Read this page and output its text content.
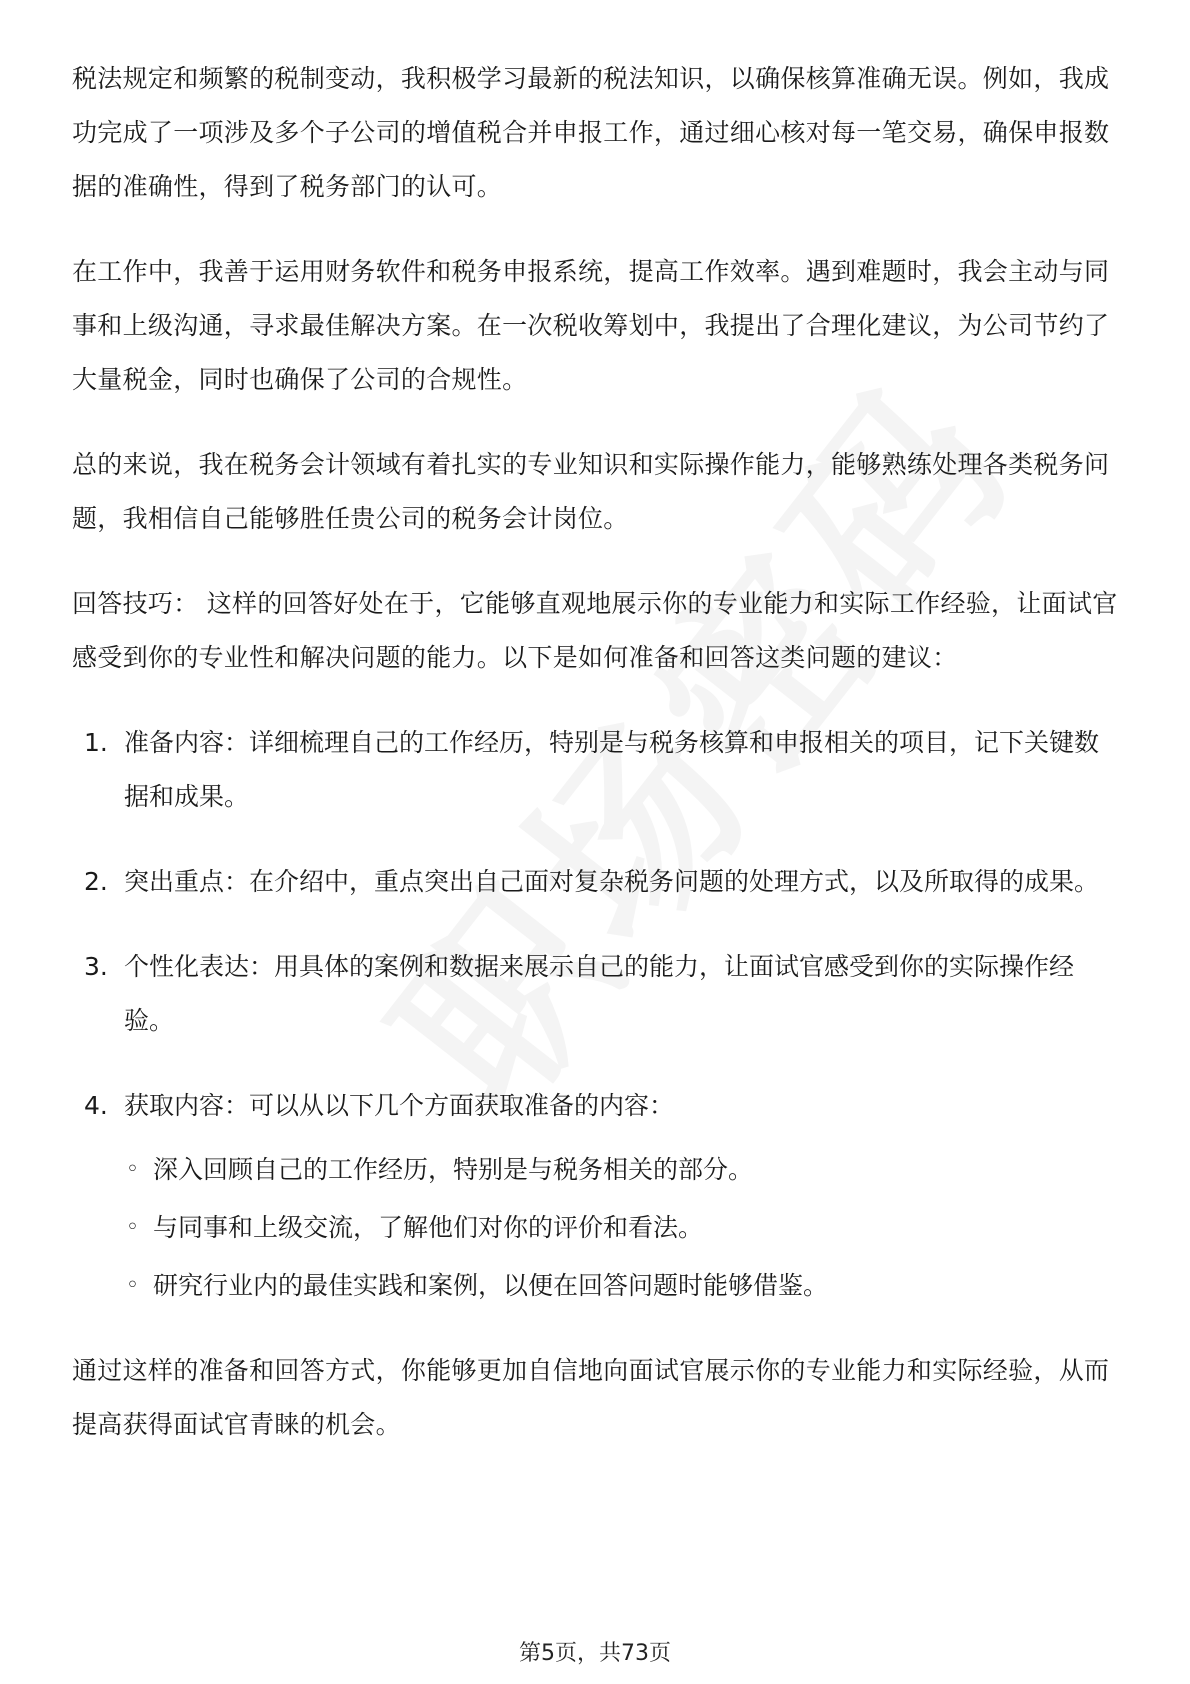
税法规定和频繁的税制变动，我积极学习最新的税法知识，以确保核算准确无误。例如，我成功完成了一项涉及多个子公司的增值税合并申报工作，通过细心核对每一笔交易，确保申报数据的准确性，得到了税务部门的认可。

在工作中，我善于运用财务软件和税务申报系统，提高工作效率。遇到难题时，我会主动与同事和上级沟通，寻求最佳解决方案。在一次税收筹划中，我提出了合理化建议，为公司节约了大量税金，同时也确保了公司的合规性。

总的来说，我在税务会计领域有着扎实的专业知识和实际操作能力，能够熟练处理各类税务问题，我相信自己能够胜任贵公司的税务会计岗位。

回答技巧： 这样的回答好处在于，它能够直观地展示你的专业能力和实际工作经验，让面试官感受到你的专业性和解决问题的能力。以下是如何准备和回答这类问题的建议：

1. 准备内容：详细梳理自己的工作经历，特别是与税务核算和申报相关的项目，记下关键数据和成果。
2. 突出重点：在介绍中，重点突出自己面对复杂税务问题的处理方式，以及所取得的成果。
3. 个性化表达：用具体的案例和数据来展示自己的能力，让面试官感受到你的实际操作经验。
4. 获取内容：可以从以下几个方面获取准备的内容：
◦ 深入回顾自己的工作经历，特别是与税务相关的部分。
◦ 与同事和上级交流，了解他们对你的评价和看法。
◦ 研究行业内的最佳实践和案例，以便在回答问题时能够借鉴。

通过这样的准备和回答方式，你能够更加自信地向面试官展示你的专业能力和实际经验，从而提高获得面试官青睐的机会。

第5页，共73页
